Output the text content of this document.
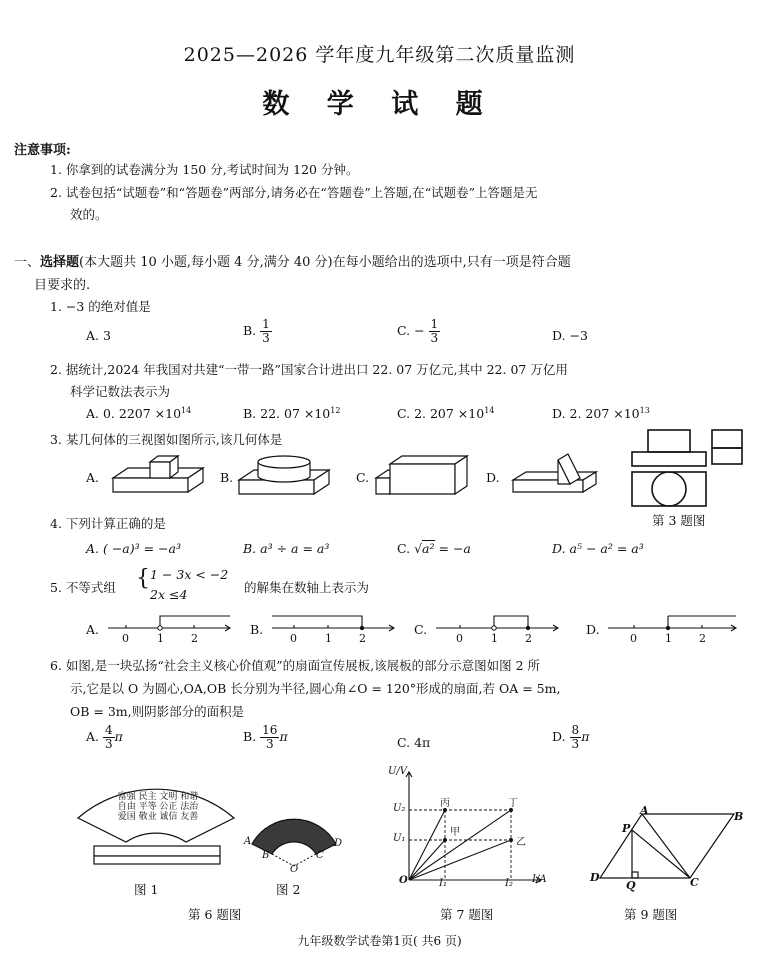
2025—2026 学年度九年级第二次质量监测
数 学 试 题
注意事项:
1. 你拿到的试卷满分为 150 分,考试时间为 120 分钟。
2. 试卷包括“试题卷”和“答题卷”两部分,请务必在“答题卷”上答题,在“试题卷”上答题是无
效的。
一、选择题(本大题共 10 小题,每小题 4 分,满分 40 分)在每小题给出的选项中,只有一项是符合题
目要求的.
1. −3 的绝对值是
A. 3	B. $\frac{1}{3}$	C. − $\frac{1}{3}$	D. −3
2. 据统计,2024 年我国对共建“一带一路”国家合计进出口 22. 07 万亿元,其中 22. 07 万亿用
科学记数法表示为
A. 0. $2207 \times 10^{14}$	B. 22. $07 \times 10^{12}$	C. 2. $207 \times 10^{14}$	D. 2. $207 \times 10^{13}$
3. 某几何体的三视图如图所示,该几何体是
A.	B.	C.	D.
第 3 题图
4. 下列计算正确的是
A. ( −a)³ = −a³	B. a³ ÷ a = a³	C. √a² = −a	D. a⁵ − a² = a³
5. 不等式组 { 1 − 3x < −2
2x ≤4	的解集在数轴上表示为
A.	B.	C.	D.
0	1 2	0	1 2	0	1 2	0	1 2
6. 如图,是一块弘扬“社会主义核心价值观”的扇面宣传展板,该展板的部分示意图如图 2 所
示,它是以 O 为圆心,OA,OB 长分别为半径,圆心角∠O = 120°形成的扇面,若 OA = 5m,
OB = 3m,则阴影部分的面积是
A. $\frac{4}{3}$ π	B. $\frac{16}{3}$ π	C. 4π	D. $\frac{8}{3}$ π
富强 民主 文明 和谐
自由 平等 公正 法治
爱国 敬业 诚信 友善
图 1
A
B	C
D
O
图 2
第 6 题图
U/V
I/A
U₂
U₁
I₁	I₂
O
丙	丁
甲
乙
第 7 题图
A	B
C
D
P
Q
第 9 题图
九年级数学试卷第1页( 共6 页)
